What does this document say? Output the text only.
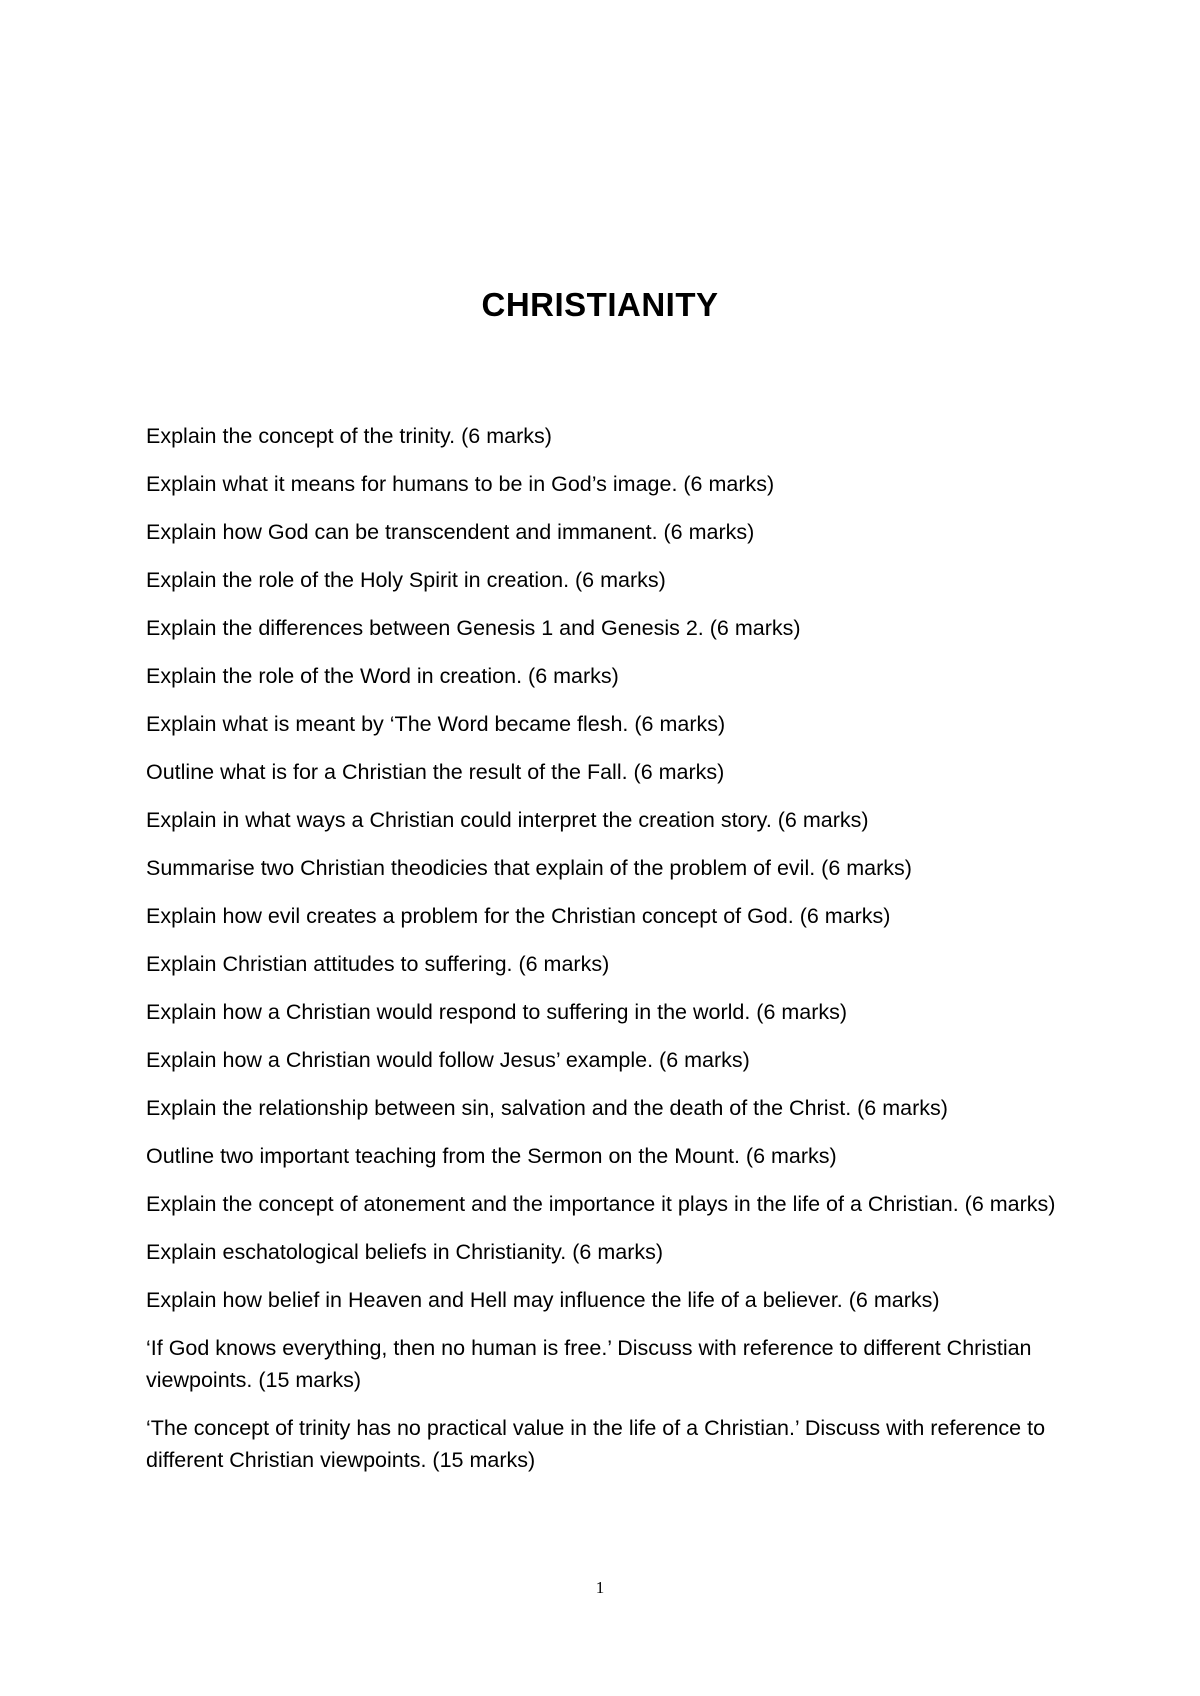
CHRISTIANITY
Explain the concept of the trinity. (6 marks)
Explain what it means for humans to be in God’s image. (6 marks)
Explain how God can be transcendent and immanent. (6 marks)
Explain the role of the Holy Spirit in creation. (6 marks)
Explain the differences between Genesis 1 and Genesis 2. (6 marks)
Explain the role of the Word in creation. (6 marks)
Explain what is meant by ‘The Word became flesh. (6 marks)
Outline what is for a Christian the result of the Fall. (6 marks)
Explain in what ways a Christian could interpret the creation story. (6 marks)
Summarise two Christian theodicies that explain of the problem of evil. (6 marks)
Explain how evil creates a problem for the Christian concept of God. (6 marks)
Explain Christian attitudes to suffering. (6 marks)
Explain how a Christian would respond to suffering in the world. (6 marks)
Explain how a Christian would follow Jesus’ example. (6 marks)
Explain the relationship between sin, salvation and the death of the Christ. (6 marks)
Outline two important teaching from the Sermon on the Mount. (6 marks)
Explain the concept of atonement and the importance it plays in the life of a Christian. (6 marks)
Explain eschatological beliefs in Christianity. (6 marks)
Explain how belief in Heaven and Hell may influence the life of a believer. (6 marks)
‘If God knows everything, then no human is free.’ Discuss with reference to different Christian viewpoints. (15 marks)
‘The concept of trinity has no practical value in the life of a Christian.’ Discuss with reference to different Christian viewpoints. (15 marks)
1
